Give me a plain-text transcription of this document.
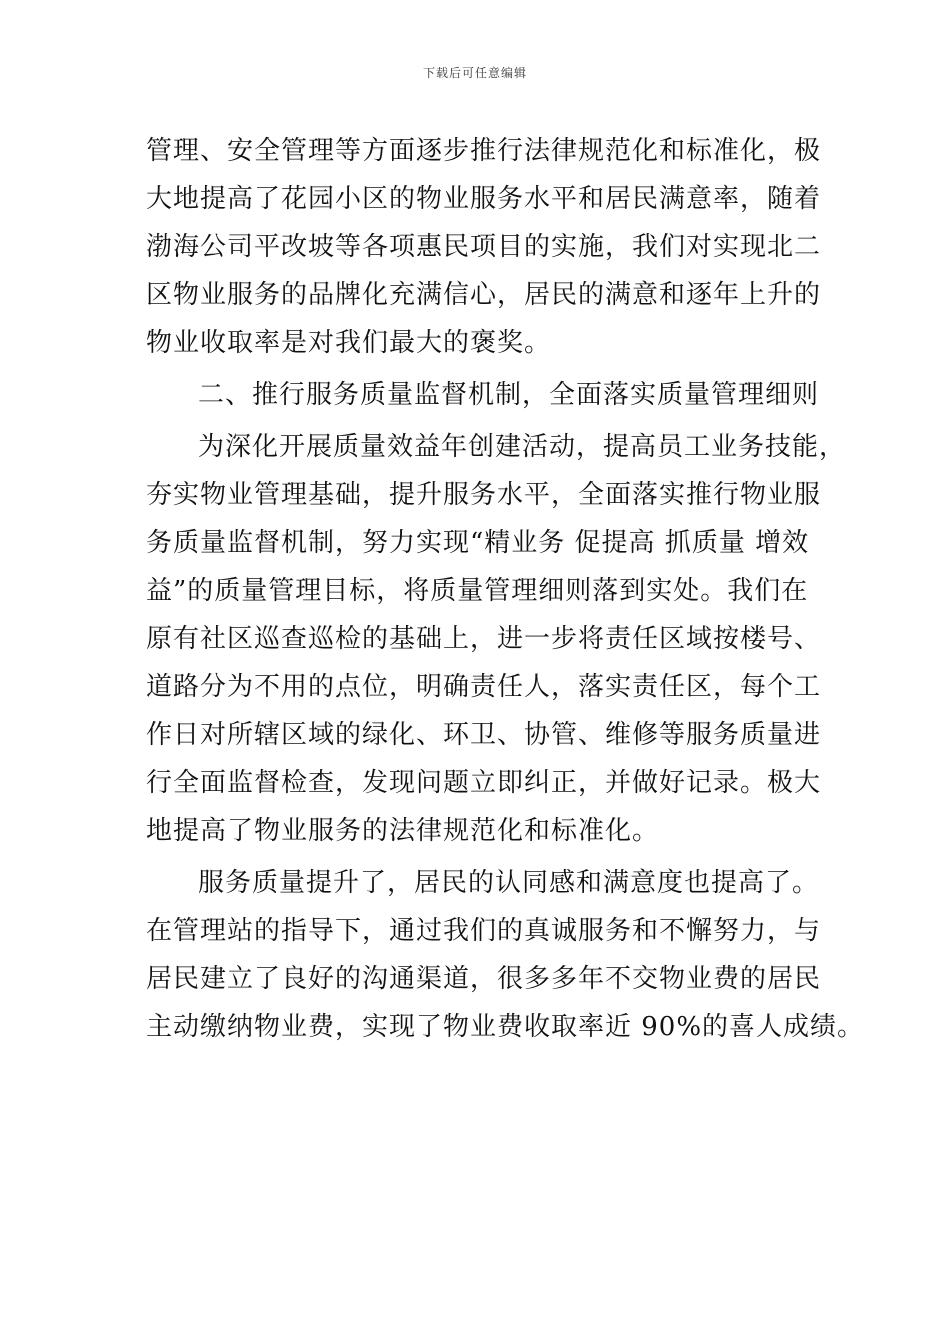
下载后可任意编辑
管理、安全管理等方面逐步推行法律规范化和标准化，极
大地提高了花园小区的物业服务水平和居民满意率，随着
渤海公司平改坡等各项惠民项目的实施，我们对实现北二
区物业服务的品牌化充满信心，居民的满意和逐年上升的
物业收取率是对我们最大的褒奖。
二、推行服务质量监督机制，全面落实质量管理细则
为深化开展质量效益年创建活动，提高员工业务技能，
夯实物业管理基础，提升服务水平，全面落实推行物业服
务质量监督机制，努力实现“精业务 促提高 抓质量 增效
益”的质量管理目标，将质量管理细则落到实处。我们在
原有社区巡查巡检的基础上，进一步将责任区域按楼号、
道路分为不用的点位，明确责任人，落实责任区，每个工
作日对所辖区域的绿化、环卫、协管、维修等服务质量进
行全面监督检查，发现问题立即纠正，并做好记录。极大
地提高了物业服务的法律规范化和标准化。
服务质量提升了，居民的认同感和满意度也提高了。
在管理站的指导下，通过我们的真诚服务和不懈努力，与
居民建立了良好的沟通渠道，很多多年不交物业费的居民
主动缴纳物业费，实现了物业费收取率近 90%的喜人成绩。
